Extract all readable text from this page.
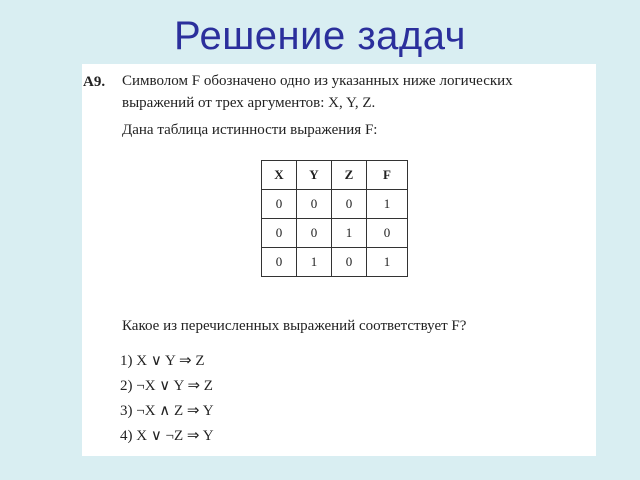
Решение задач
A9. Символом F обозначено одно из указанных ниже логических
выражений от трех аргументов: X, Y, Z.
Дана таблица истинности выражения F:
X	Y	Z	F
0	0	0	1
0	0	1	0
0	1	0	1
Какое из перечисленных выражений соответствует F?
1) X ∨ Y ⇒ Z
2) ¬X ∨ Y ⇒ Z
3) ¬X ∧ Z ⇒ Y
4) X ∨ ¬Z ⇒ Y
